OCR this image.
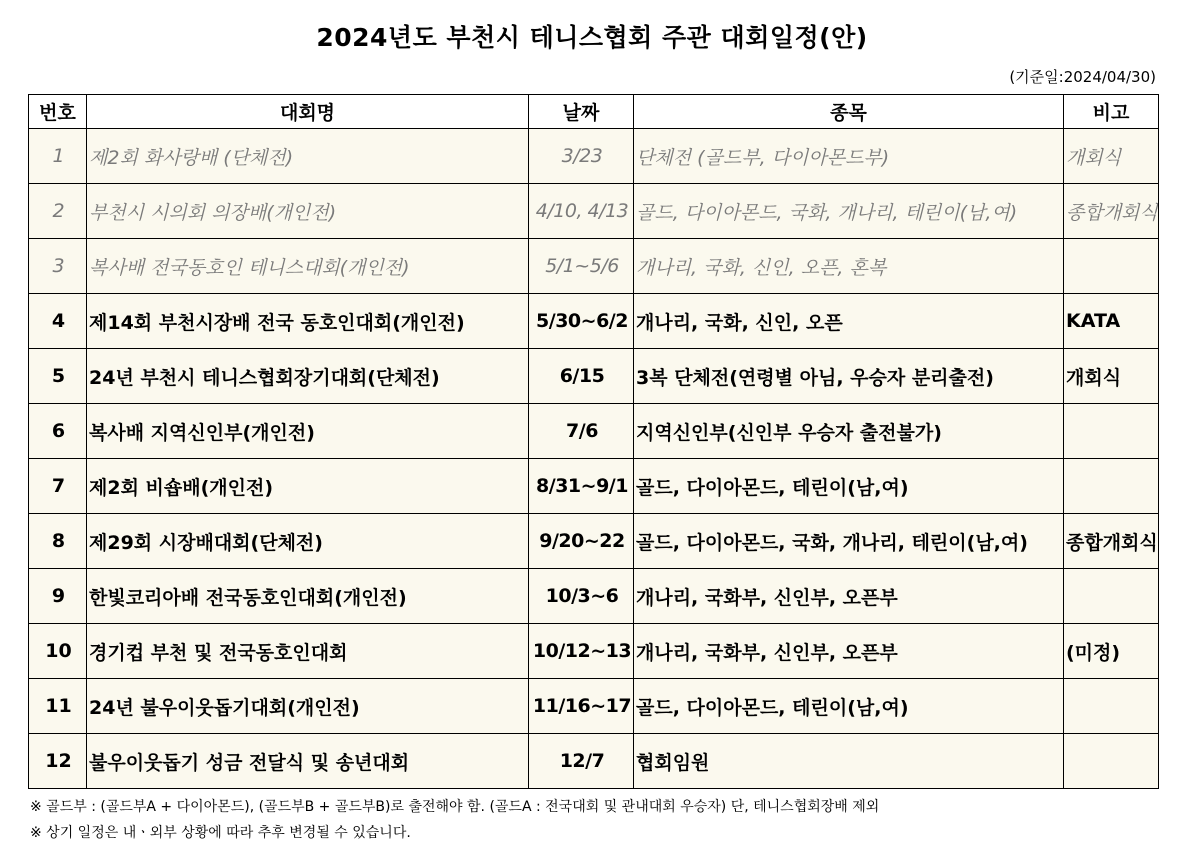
2024년도 부천시 테니스협회 주관 대회일정(안)
(기준일:2024/04/30)
번호	대회명	날짜	종목	비고
1	제2회 화사랑배 (단체전)	3/23	단체전 (골드부, 다이아몬드부)	개회식
2	부천시 시의회 의장배(개인전)	4/10, 4/13	골드, 다이아몬드, 국화, 개나리, 테린이(남,여)	종합개회식
3	복사배 전국동호인 테니스대회(개인전)	5/1~5/6	개나리, 국화, 신인, 오픈, 혼복	
4	제14회 부천시장배 전국 동호인대회(개인전)	5/30~6/2	개나리, 국화, 신인, 오픈	KATA
5	24년 부천시 테니스협회장기대회(단체전)	6/15	3복 단체전(연령별 아님, 우승자 분리출전)	개회식
6	복사배 지역신인부(개인전)	7/6	지역신인부(신인부 우승자 출전불가)	
7	제2회 비숍배(개인전)	8/31~9/1	골드, 다이아몬드, 테린이(남,여)	
8	제29회 시장배대회(단체전)	9/20~22	골드, 다이아몬드, 국화, 개나리, 테린이(남,여)	종합개회식
9	한빛코리아배 전국동호인대회(개인전)	10/3~6	개나리, 국화부, 신인부, 오픈부	
10	경기컵 부천 및 전국동호인대회	10/12~13	개나리, 국화부, 신인부, 오픈부	(미정)
11	24년 불우이웃돕기대회(개인전)	11/16~17	골드, 다이아몬드, 테린이(남,여)	
12	불우이웃돕기 성금 전달식 및 송년대회	12/7	협회임원	
※ 골드부 : (골드부A + 다이아몬드), (골드부B + 골드부B)로 출전해야 함. (골드A : 전국대회 및 관내대회 우승자) 단, 테니스협회장배 제외
※ 상기 일정은 내ㆍ외부 상황에 따라 추후 변경될 수 있습니다.
